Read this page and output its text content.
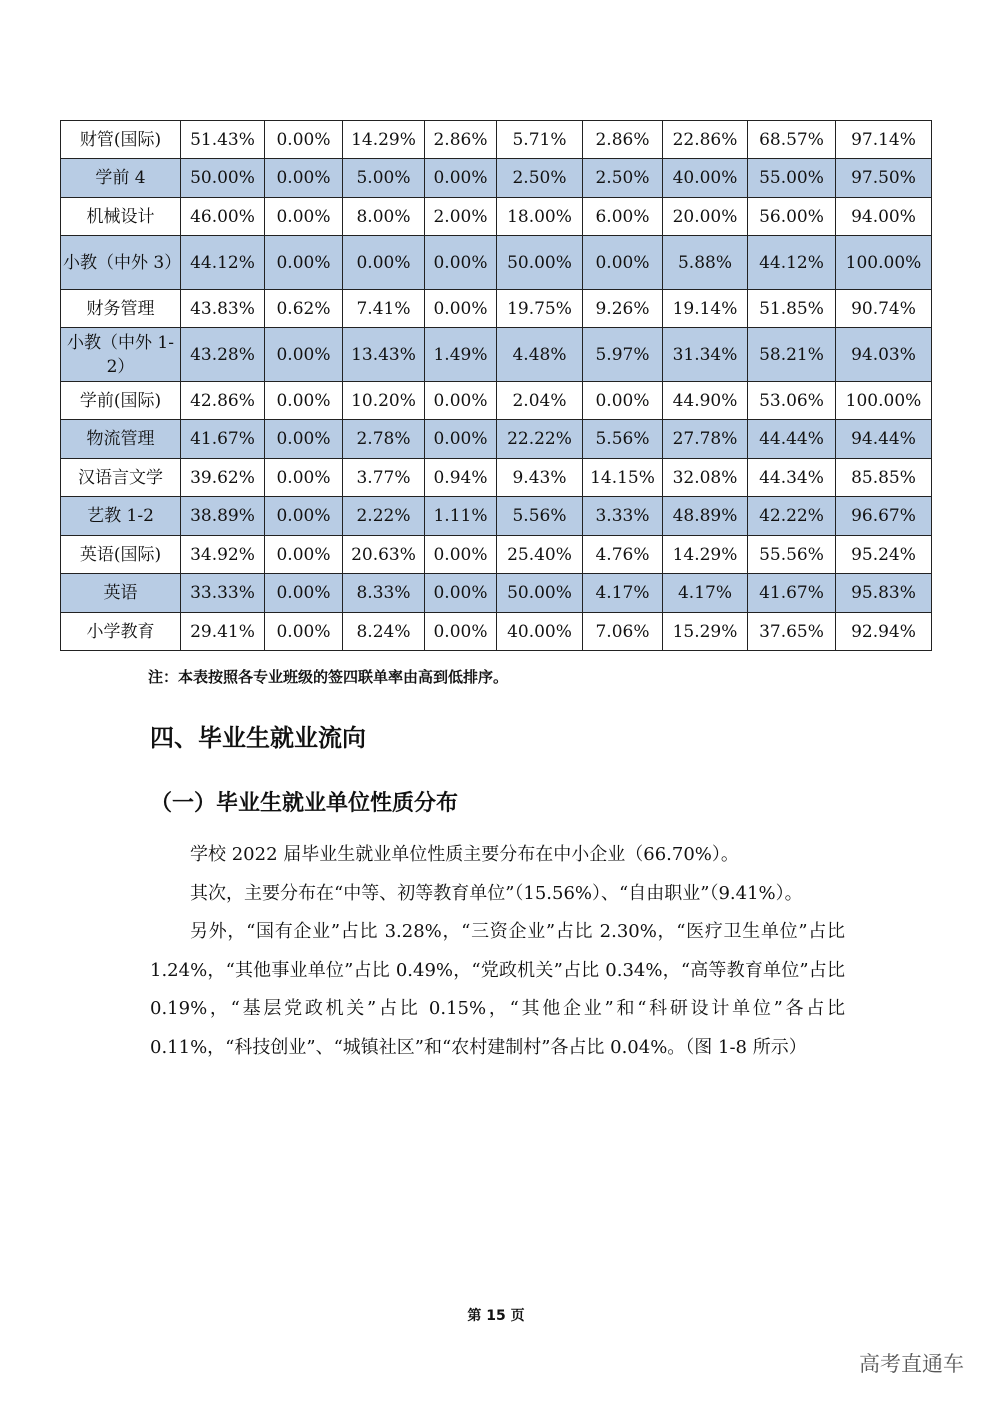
财管(国际)	51.43%	0.00%	14.29%	2.86%	5.71%	2.86%	22.86%	68.57%	97.14%
学前 4	50.00%	0.00%	5.00%	0.00%	2.50%	2.50%	40.00%	55.00%	97.50%
机械设计	46.00%	0.00%	8.00%	2.00%	18.00%	6.00%	20.00%	56.00%	94.00%
小教（中外 3）	44.12%	0.00%	0.00%	0.00%	50.00%	0.00%	5.88%	44.12%	100.00%
财务管理	43.83%	0.62%	7.41%	0.00%	19.75%	9.26%	19.14%	51.85%	90.74%
小教（中外 1-2）	43.28%	0.00%	13.43%	1.49%	4.48%	5.97%	31.34%	58.21%	94.03%
学前(国际)	42.86%	0.00%	10.20%	0.00%	2.04%	0.00%	44.90%	53.06%	100.00%
物流管理	41.67%	0.00%	2.78%	0.00%	22.22%	5.56%	27.78%	44.44%	94.44%
汉语言文学	39.62%	0.00%	3.77%	0.94%	9.43%	14.15%	32.08%	44.34%	85.85%
艺教 1-2	38.89%	0.00%	2.22%	1.11%	5.56%	3.33%	48.89%	42.22%	96.67%
英语(国际)	34.92%	0.00%	20.63%	0.00%	25.40%	4.76%	14.29%	55.56%	95.24%
英语	33.33%	0.00%	8.33%	0.00%	50.00%	4.17%	4.17%	41.67%	95.83%
小学教育	29.41%	0.00%	8.24%	0.00%	40.00%	7.06%	15.29%	37.65%	92.94%
注：本表按照各专业班级的签四联单率由高到低排序。
四、毕业生就业流向
（一）毕业生就业单位性质分布

学校 2022 届毕业生就业单位性质主要分布在中小企业（66.70%）。

其次，主要分布在“中等、初等教育单位”（15.56%）、“自由职业”（9.41%）。

另外，“国有企业”占比 3.28%，“三资企业”占比 2.30%，“医疗卫生单位”占比 1.24%，“其他事业单位”占比 0.49%，“党政机关”占比 0.34%，“高等教育单位”占比 0.19%，“基层党政机关”占比 0.15%，“其他企业”和“科研设计单位”各占比 0.11%，“科技创业”、“城镇社区”和“农村建制村”各占比 0.04%。（图 1-8 所示）

第 15 页
高考直通车
